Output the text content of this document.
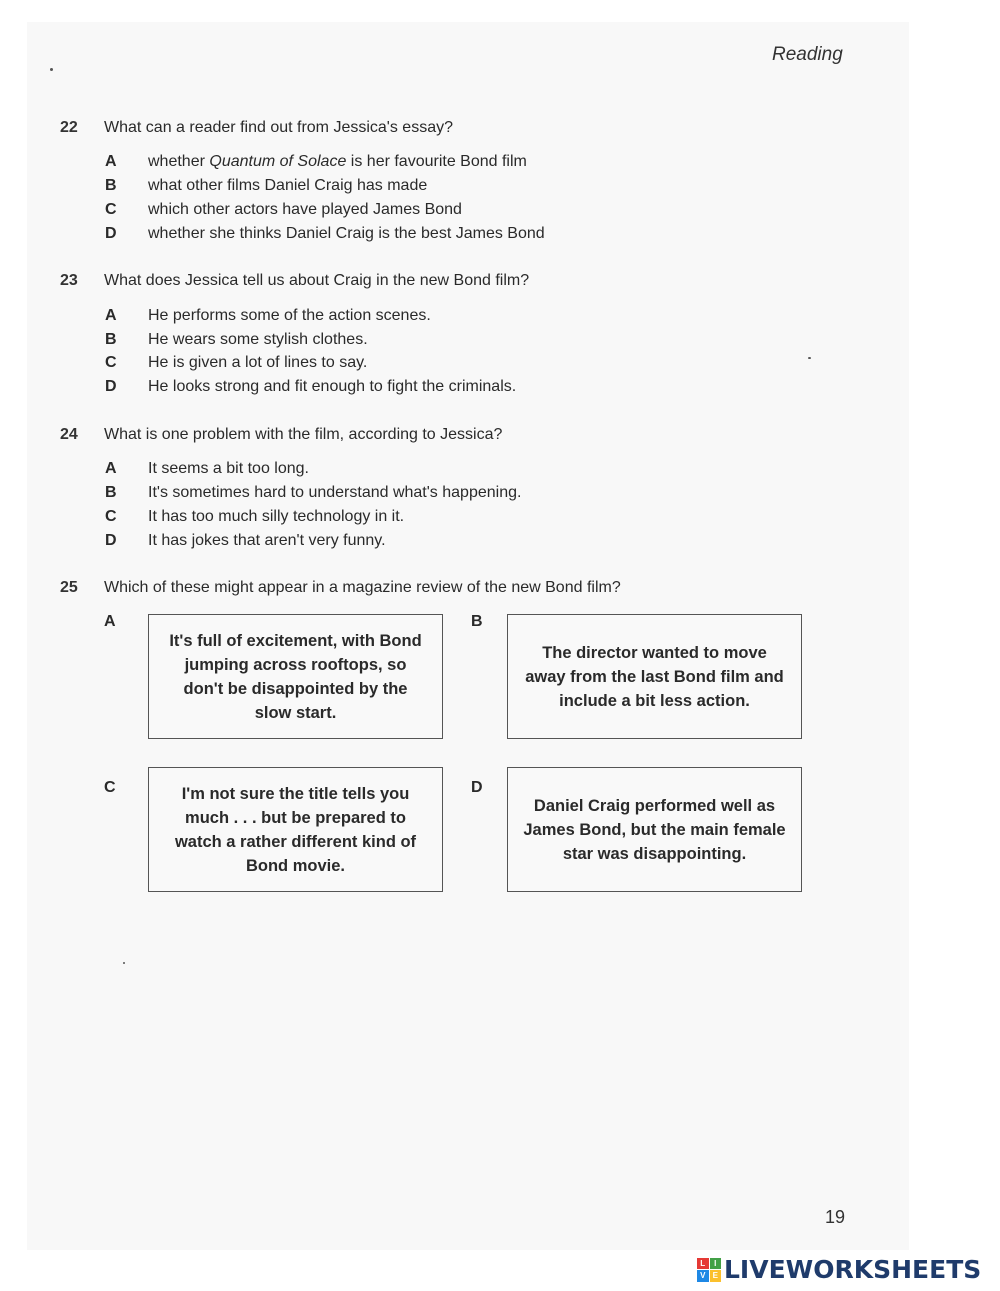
Reading
22 What can a reader find out from Jessica's essay?
A whether Quantum of Solace is her favourite Bond film
B what other films Daniel Craig has made
C which other actors have played James Bond
D whether she thinks Daniel Craig is the best James Bond
23 What does Jessica tell us about Craig in the new Bond film?
A He performs some of the action scenes.
B He wears some stylish clothes.
C He is given a lot of lines to say.
D He looks strong and fit enough to fight the criminals.
24 What is one problem with the film, according to Jessica?
A It seems a bit too long.
B It's sometimes hard to understand what's happening.
C It has too much silly technology in it.
D It has jokes that aren't very funny.
25 Which of these might appear in a magazine review of the new Bond film?
A
It's full of excitement, with Bond jumping across rooftops, so don't be disappointed by the slow start.
B
The director wanted to move away from the last Bond film and include a bit less action.
C	I'm not sure the title tells you much . . . but be prepared to watch a rather different kind of Bond movie.
D
Daniel Craig performed well as James Bond, but the main female star was disappointing.
19
L	I
V E LIVEWORKSHEETS
